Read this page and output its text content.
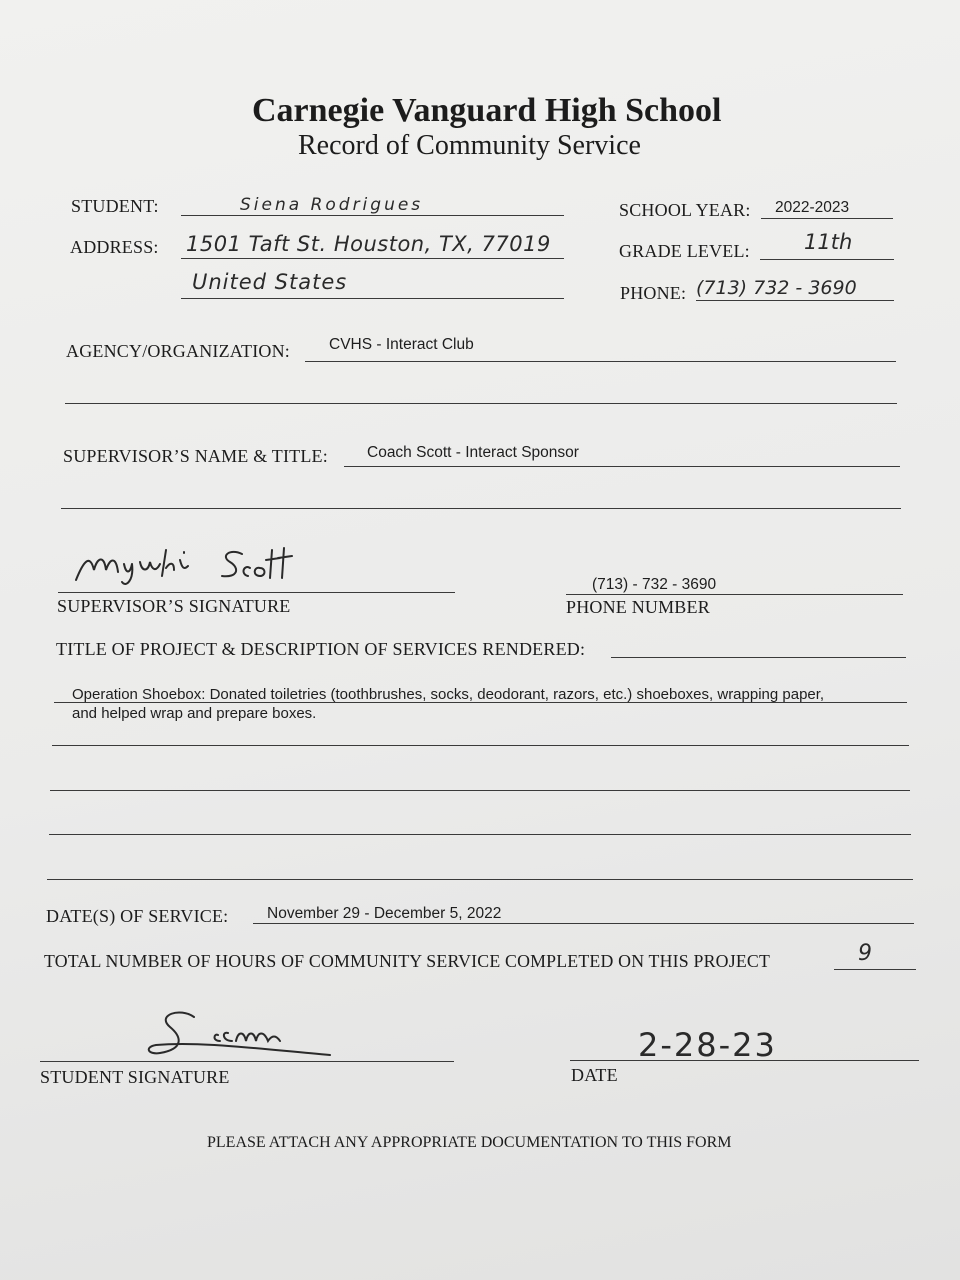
Carnegie Vanguard High School
Record of Community Service
STUDENT:	Siena Rodrigues	SCHOOL YEAR: 2022-2023
ADDRESS: 1501 Taft St. Houston, TX, 77019
United States
GRADE LEVEL:	11th
PHONE: (713) 732 - 3690
AGENCY/ORGANIZATION:	CVHS - Interact Club
SUPERVISOR’S NAME & TITLE:	Coach Scott - Interact Sponsor
SUPERVISOR’S SIGNATURE
(713) - 732 - 3690
PHONE NUMBER
TITLE OF PROJECT & DESCRIPTION OF SERVICES RENDERED:
Operation Shoebox: Donated toiletries (toothbrushes, socks, deodorant, razors, etc.) shoeboxes, wrapping paper,
and helped wrap and prepare boxes.
DATE(S) OF SERVICE: November 29 - December 5, 2022
TOTAL NUMBER OF HOURS OF COMMUNITY SERVICE COMPLETED ON THIS PROJECT	9
STUDENT SIGNATURE
2-28-23
DATE
PLEASE ATTACH ANY APPROPRIATE DOCUMENTATION TO THIS FORM
